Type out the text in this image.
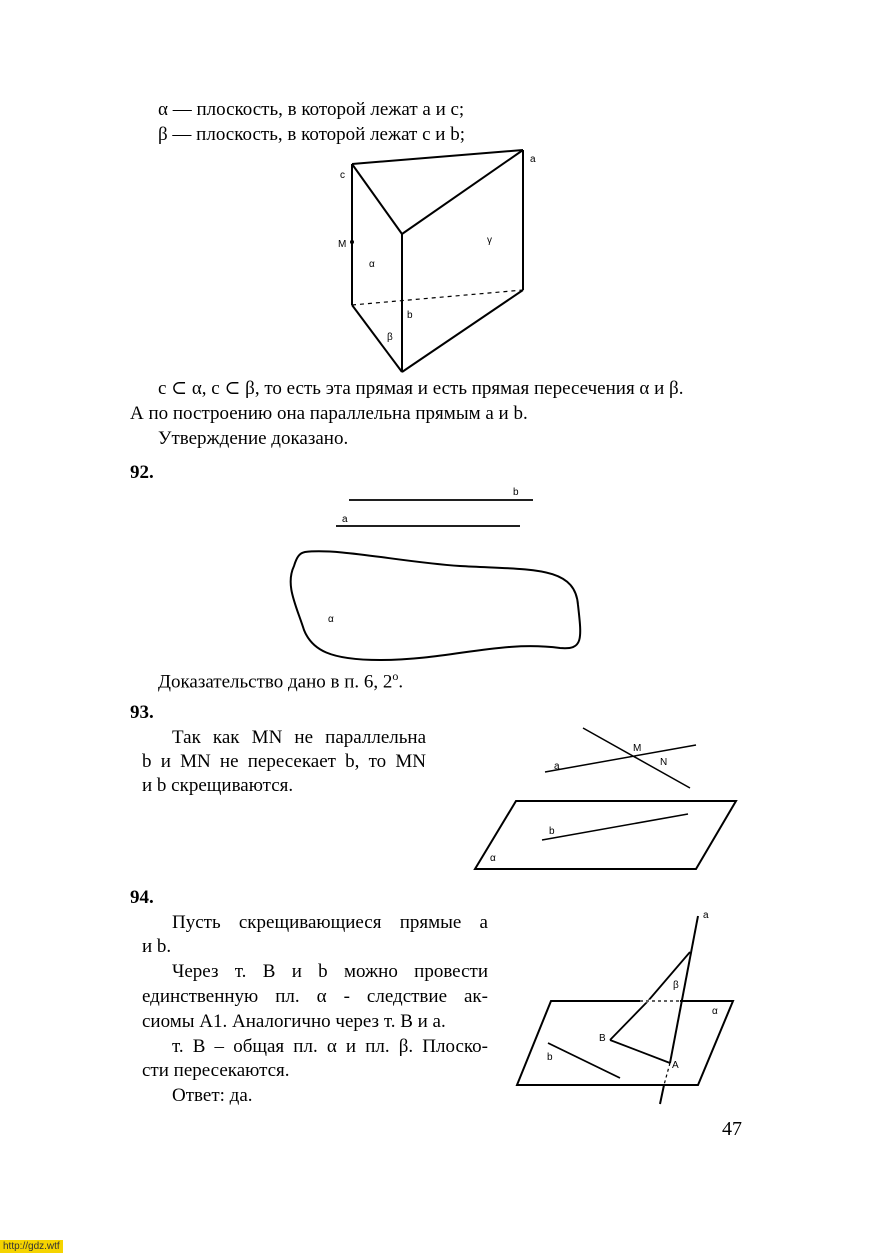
α — плоскость, в которой лежат a и c;
β — плоскость, в которой лежат c и b;
c
a
M	γ
α
b
β
c ⊂ α, c ⊂ β, то есть эта прямая и есть прямая пересечения α и β.
А по построению она параллельна прямым a и b.
Утверждение доказано.
92.
b
a
α
Доказательство дано в п. 6, 2$^o$.
93.
Так как MN не параллельна
b и MN не пересекает b, то MN
и b скрещиваются.
M
N
a
b
α
94.
Пусть скрещивающиеся прямые a
и b.
Через т. B и b можно провести
единственную пл. α - следствие ак-
сиомы A1. Аналогично через т. B и a.
т. B – общая пл. α и пл. β. Плоско-
сти пересекаются.
Ответ: да.
a
β
α
B
b
A
47
http://gdz.wtf
